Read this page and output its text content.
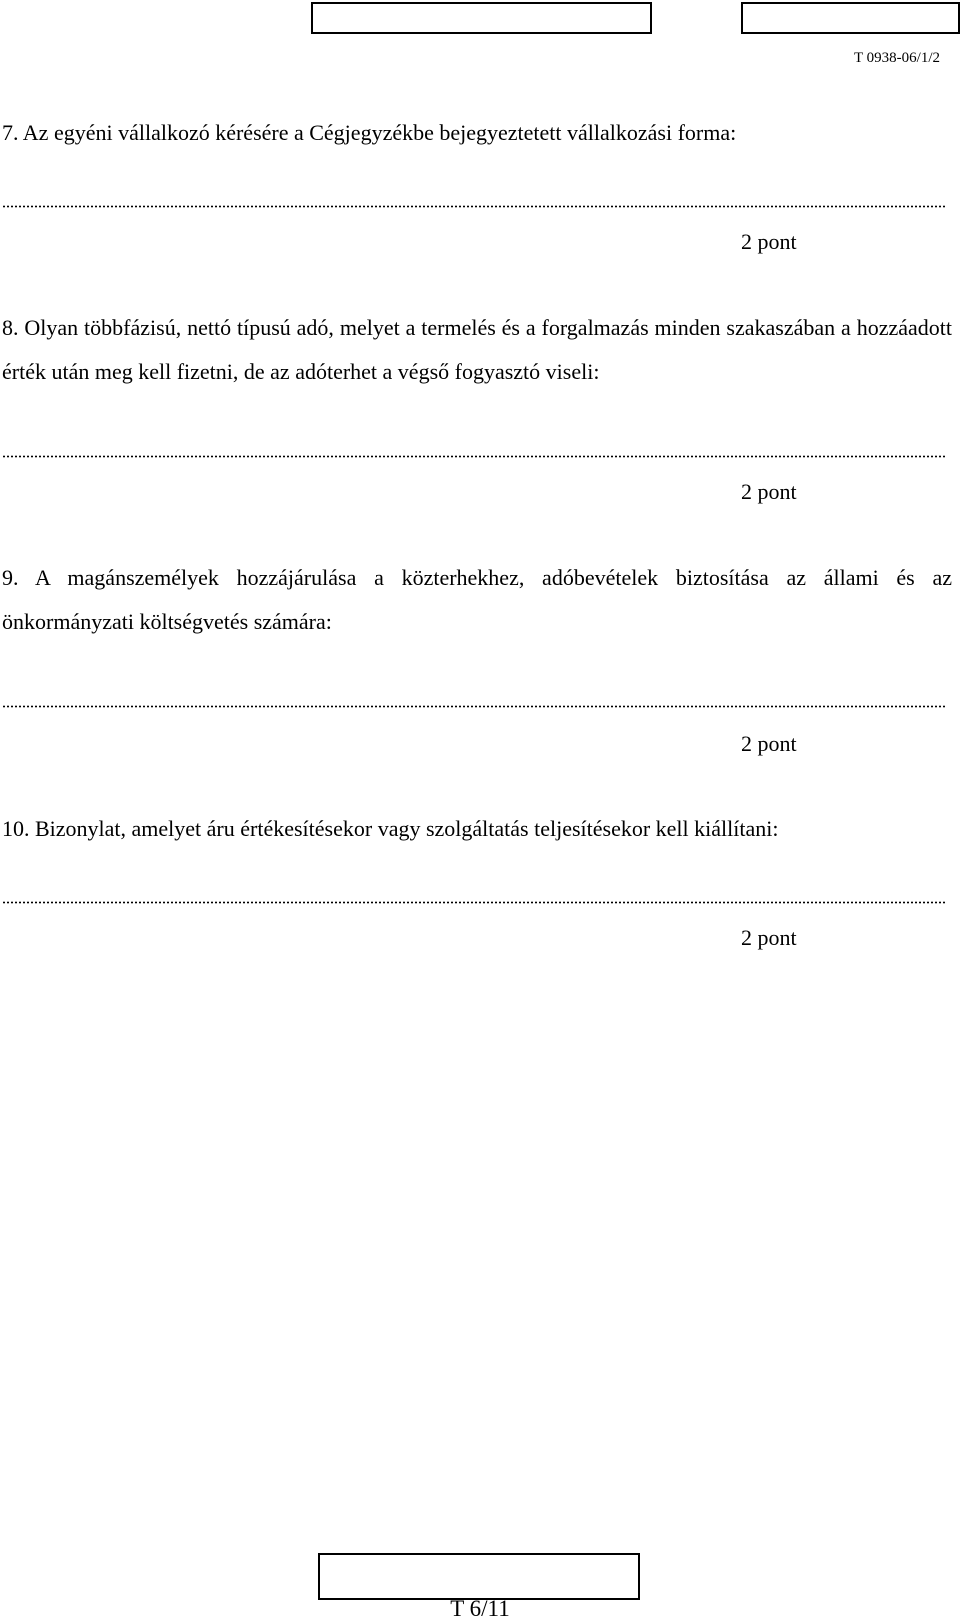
T 0938-06/1/2

7. Az egyéni vállalkozó kérésére a Cégjegyzékbe bejegyeztetett vállalkozási forma:

2 pont

8. Olyan többfázisú, nettó típusú adó, melyet a termelés és a forgalmazás minden szakaszában a hozzáadott érték után meg kell fizetni, de az adóterhet a végső fogyasztó viseli:

2 pont

9. A magánszemélyek hozzájárulása a közterhekhez, adóbevételek biztosítása az állami és az önkormányzati költségvetés számára:

2 pont

10. Bizonylat, amelyet áru értékesítésekor vagy szolgáltatás teljesítésekor kell kiállítani:

2 pont
T 6/11
